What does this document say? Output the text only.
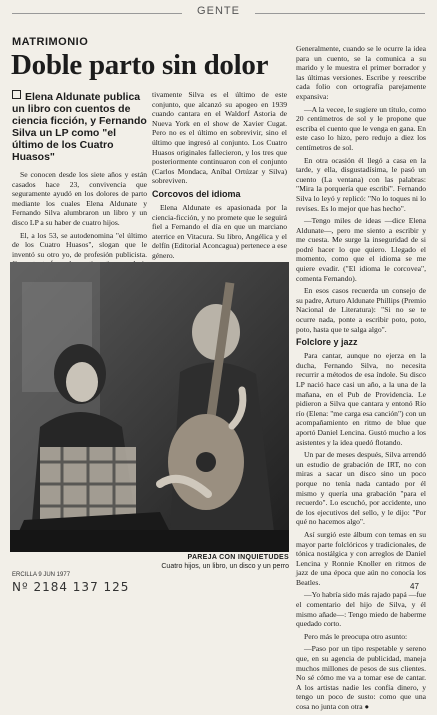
GENTE
MATRIMONIO
Doble parto sin dolor
Elena Aldunate publica un libro con cuentos de ciencia ficción, y Fernando Silva un LP como "el último de los Cuatro Huasos"

Se conocen desde los siete años y están casados hace 23, convivencia que seguramente ayudó en los dolores de parto mediante los cuales Elena Aldunate y Fernando Silva alumbraron un libro y un disco LP a su haber de cuatro hijos.

El, a los 53, se autodenomina "el último de los Cuatro Huasos", slogan que le inventó su otro yo, de profesión publicista.

tivamente Silva es el último de este conjunto, que alcanzó su apogeo en 1939 cuando cantara en el Waldorf Astoria de Nueva York en el show de Xavier Cugat. Pero no es el último en sobrevivir, sino el último que ingresó al conjunto. Los Cuatro Huasos originales fallecieron, y los tres que posteriormente continuaron con el conjunto (Carlos Mondaca, Aníbal Ortúzar y Silva) sobreviven.

Corcovos del idioma

Elena Aldunate es apasionada por la ciencia-ficción, y no promete que le seguirá fiel a Fernando el día en que un marciano aterrice en Vitacura. Su libro, Angélica y el delfín (Editorial Aconcagua) pertenece a ese género.

Generalmente, cuando se le ocurre la idea para un cuento, se la comunica a su marido y le muestra el primer borrador y las últimas versiones. Escribe y reescribe cada folio con ortografía parejamente expansiva:

—A la vecee, le sugiere un título, como 20 centímetros de sol y le propone que escriba el cuento que le venga en gana. En este caso lo hizo, pero redujo a diez los centímetros de sol.

En otra ocasión él llegó a casa en la tarde, y ella, disgustadísima, le pasó un cuento (La ventana) con las palabras: "Mira la porquería que escribí". Fernando Silva lo leyó y replicó: "No lo toques ni lo revises. Es lo mejor que has hecho".

—Tengo miles de ideas —dice Elena Aldunate—, pero me siento a escribir y me cuesta. Me surge la inseguridad de si podré hacer lo que quiero. Llegado el momento, como que el idioma se me quiere evadir. ("El idioma le corcovea", comenta Fernando).

En esos casos recuerda un consejo de su padre, Arturo Aldunate Phillips (Premio Nacional de Literatura): "Si no se te ocurre nada, ponte a escribir poto, poto, poto, hasta que te salga algo".

Folclore y jazz

Para cantar, aunque no ejerza en la ducha, Fernando Silva, no necesita recurrir a métodos de esa índole. Su disco LP nació hace casi un año, a la una de la mañana, en el Pub de Providencia. Le pidieron a Silva que cantara y entonó Río río (Elena: "me carga esa canción") con un acompañamiento en ritmo de blue que aportó Daniel Lencina. Gustó mucho a los asistentes y la idea quedó flotando.

Un par de meses después, Silva arrendó un estudio de grabación de IRT, no con miras a sacar un disco sino un poco porque no tenía nada cantado por él mismo y quería una grabación "para el recuerdo". Lo escuchó, por accidente, uno de los ejecutivos del sello, y le dijo: "Por qué no hacemos algo".

Así surgió este álbum con temas en su mayor parte folclóricos y tradicionales, de tónica nostálgica y con arreglos de Daniel Lencina y Ronnie Knoller en ritmos de jazz de una época que aún no conocía los Beatles.

—Yo habría sido más rajado papá —fue el comentario del hijo de Silva, y él mismo añade—: Tengo miedo de haberme quedado corto.

Pero más le preocupa otro asunto:

—Paso por un tipo respetable y sereno que, en su agencia de publicidad, maneja muchos millones de pesos de sus clientes. No sé cómo me va a tomar ese de cantar. A los artistas nadie les confía dinero, y tengo un poco de susto: como que una cosa no junta con otra ●

PAREJA CON INQUIETUDES
Cuatro hijos, un libro, un disco y un perro
ERCILLA 9 JUN 1977
Nº 2184 137 125	47
